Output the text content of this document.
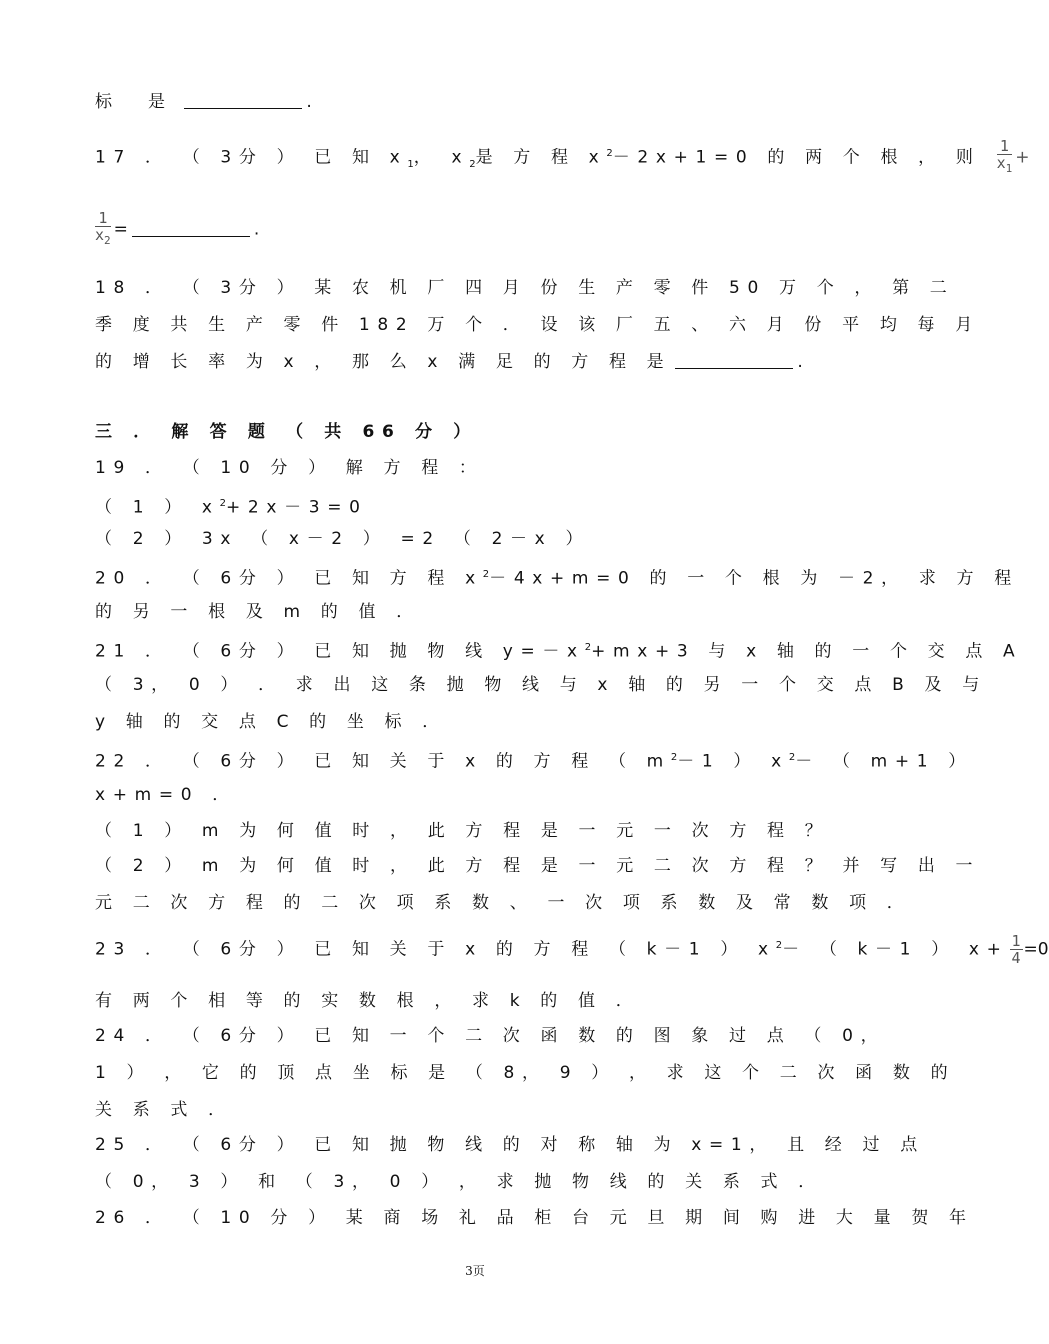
标 是	.
17 ． （ 3分 ） 已 知 $x_1$， $x_2$是 方 程 $x^2-2x+1=0$ 的 两 个 根 ， 则 $\frac{1}{x_1}$ +
$\frac{1}{x_2}$ =	.
18 ． （ 3分 ） 某 农 机 厂 四 月 份 生 产 零 件 50 万 个 ， 第 二
季 度 共 生 产 零 件 182 万 个 ． 设 该 厂 五 、 六 月 份 平 均 每 月
的 增 长 率 为 x ， 那 么 x 满 足 的 方 程 是	.
三 ． 解 答 题 （ 共 66 分 ）
19 ． （ 10 分 ） 解 方 程 ：
（ 1 ） $x^2+2x-3=0$
（ 2 ） 3x （ x－2 ） =2 （ 2－x ）
20 ． （ 6分 ） 已 知 方 程 $x^2-4x+m=0$ 的 一 个 根 为 －2， 求 方 程
的 另 一 根 及 m 的 值 ．
21 ． （ 6分 ） 已 知 抛 物 线 $y=-x^2+mx+3$ 与 x 轴 的 一 个 交 点 A
（ 3， 0 ） ． 求 出 这 条 抛 物 线 与 x 轴 的 另 一 个 交 点 B 及 与
y 轴 的 交 点 C 的 坐 标 ．
22 ． （ 6分 ） 已 知 关 于 x 的 方 程 （ $m^2-1$ ） $x^2-$ （ m+1 ）
x+m=0 ．
（ 1 ） m 为 何 值 时 ， 此 方 程 是 一 元 一 次 方 程 ？
（ 2 ） m 为 何 值 时 ， 此 方 程 是 一 元 二 次 方 程 ？ 并 写 出 一
元 二 次 方 程 的 二 次 项 系 数 、 一 次 项 系 数 及 常 数 项 ．
23 ． （ 6分 ） 已 知 关 于 x 的 方 程 （ k－1 ） $x^2-$ （ k－1 ） $x+ \frac{1}{4} =0$
有 两 个 相 等 的 实 数 根 ， 求 k 的 值 ．
24 ． （ 6分 ） 已 知 一 个 二 次 函 数 的 图 象 过 点 （ 0，
1 ） ， 它 的 顶 点 坐 标 是 （ 8， 9 ） ， 求 这 个 二 次 函 数 的
关 系 式 ．
25 ． （ 6分 ） 已 知 抛 物 线 的 对 称 轴 为 x=1， 且 经 过 点
（ 0， 3 ） 和 （ 3， 0 ） ， 求 抛 物 线 的 关 系 式 ．
26 ． （ 10 分 ） 某 商 场 礼 品 柜 台 元 旦 期 间 购 进 大 量 贺 年
3页
